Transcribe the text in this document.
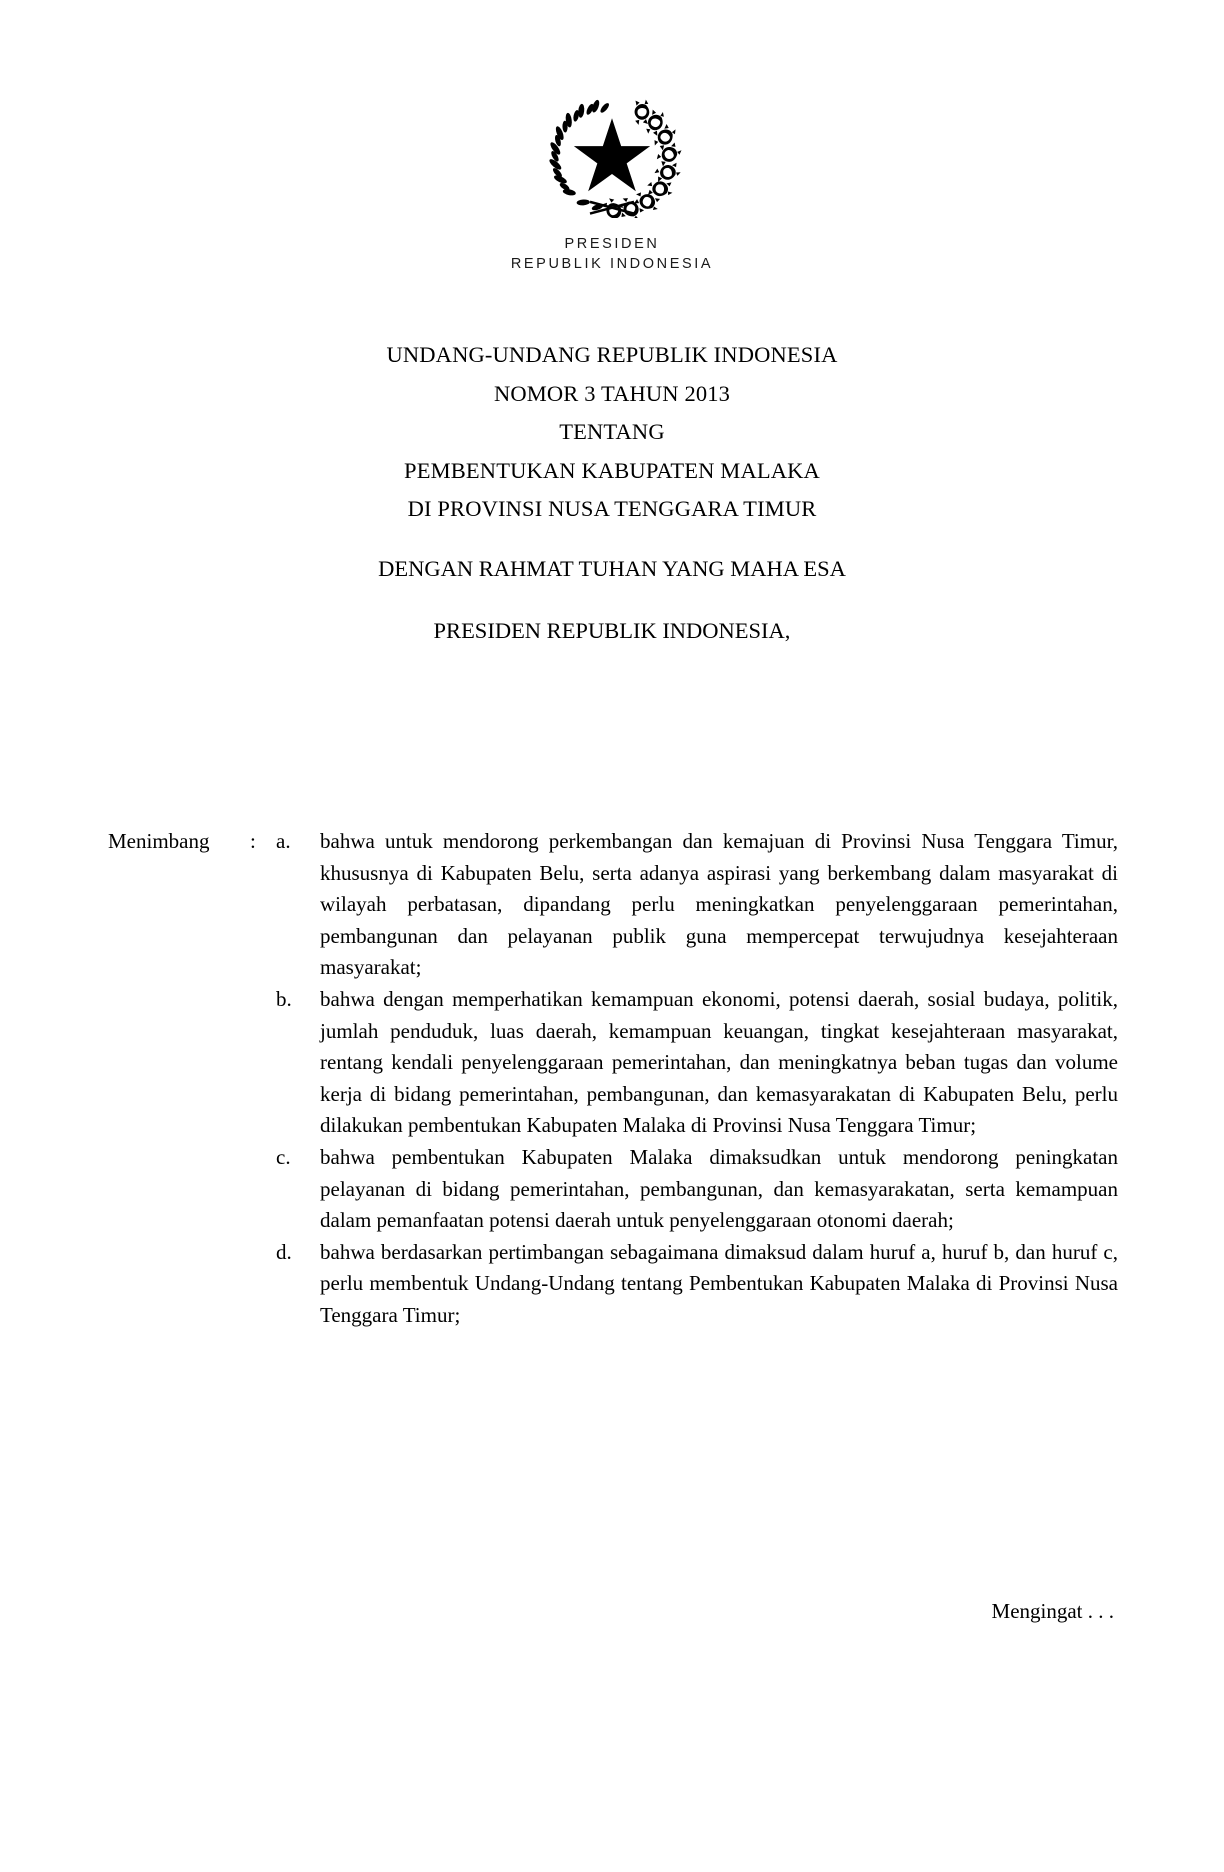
PRESIDEN
REPUBLIK INDONESIA
UNDANG-UNDANG REPUBLIK INDONESIA
NOMOR 3 TAHUN 2013
TENTANG
PEMBENTUKAN KABUPATEN MALAKA
DI PROVINSI NUSA TENGGARA TIMUR
DENGAN RAHMAT TUHAN YANG MAHA ESA
PRESIDEN REPUBLIK INDONESIA,
Menimbang	: a.	bahwa untuk mendorong perkembangan dan kemajuan di Provinsi Nusa Tenggara Timur, khususnya di Kabupaten Belu, serta adanya aspirasi yang berkembang dalam masyarakat di wilayah perbatasan, dipandang perlu meningkatkan penyelenggaraan pemerintahan, pembangunan dan pelayanan publik guna mempercepat terwujudnya kesejahteraan masyarakat;
b.	bahwa dengan memperhatikan kemampuan ekonomi, potensi daerah, sosial budaya, politik, jumlah penduduk, luas daerah, kemampuan keuangan, tingkat kesejahteraan masyarakat, rentang kendali penyelenggaraan pemerintahan, dan meningkatnya beban tugas dan volume kerja di bidang pemerintahan, pembangunan, dan kemasyarakatan di Kabupaten Belu, perlu dilakukan pembentukan Kabupaten Malaka di Provinsi Nusa Tenggara Timur;
c.	bahwa pembentukan Kabupaten Malaka dimaksudkan untuk mendorong peningkatan pelayanan di bidang pemerintahan, pembangunan, dan kemasyarakatan, serta kemampuan dalam pemanfaatan potensi daerah untuk penyelenggaraan otonomi daerah;
d.	bahwa berdasarkan pertimbangan sebagaimana dimaksud dalam huruf a, huruf b, dan huruf c, perlu membentuk Undang-Undang tentang Pembentukan Kabupaten Malaka di Provinsi Nusa Tenggara Timur;
Mengingat . . .
